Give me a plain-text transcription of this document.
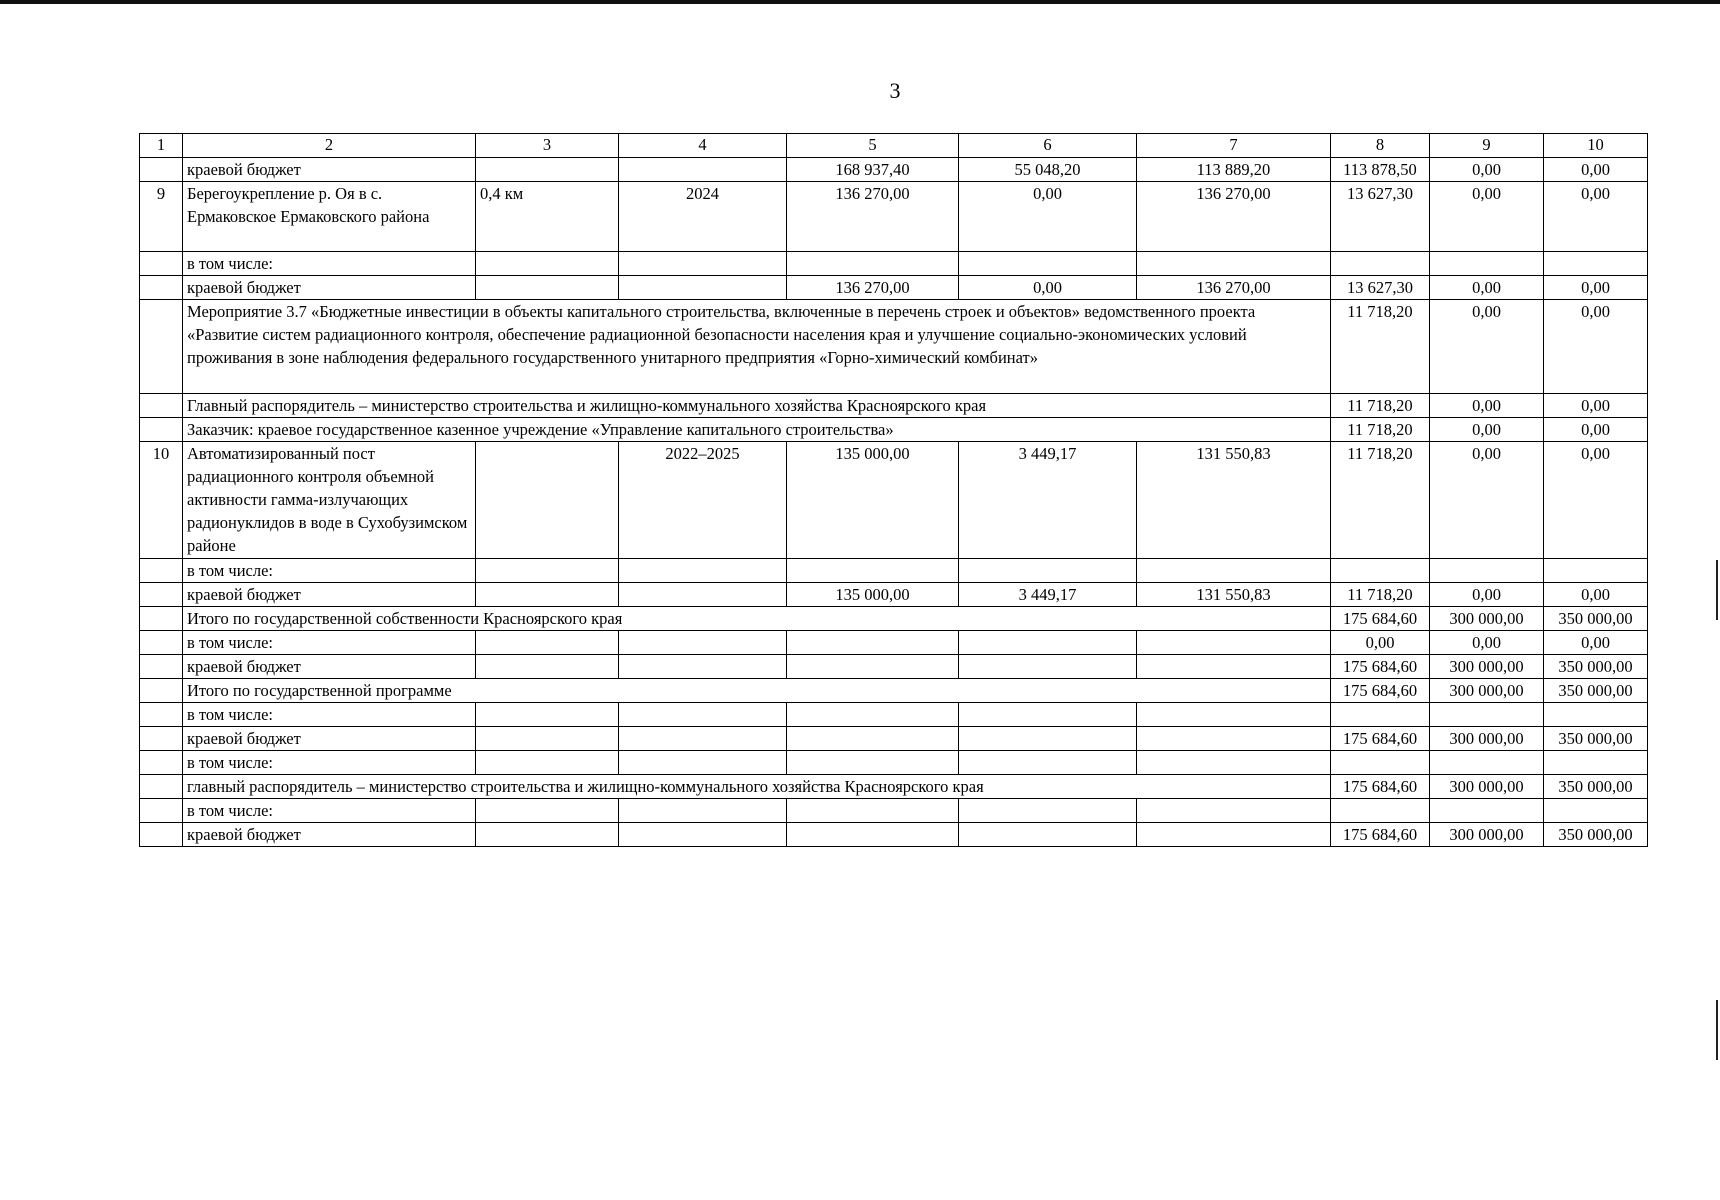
3
1	2	3	4	5	6	7	8	9	10
	краевой бюджет			168 937,40	55 048,20	113 889,20	113 878,50	0,00	0,00
9	Берегоукрепление р. Оя в с. Ермаковское Ермаковского района	0,4 км	2024	136 270,00	0,00	136 270,00	13 627,30	0,00	0,00
	в том числе:								
	краевой бюджет			136 270,00	0,00	136 270,00	13 627,30	0,00	0,00
	Мероприятие 3.7 «Бюджетные инвестиции в объекты капитального строительства, включенные в перечень строек и объектов» ведомственного проекта «Развитие систем радиационного контроля, обеспечение радиационной безопасности населения края и улучшение социально-экономических условий проживания в зоне наблюдения федерального государственного унитарного предприятия «Горно-химический комбинат»						11 718,20	0,00	0,00
	Главный распорядитель – министерство строительства и жилищно-коммунального хозяйства Красноярского края						11 718,20	0,00	0,00
	Заказчик: краевое государственное казенное учреждение «Управление капитального строительства»						11 718,20	0,00	0,00
10	Автоматизированный пост радиационного контроля объемной активности гамма-излучающих радионуклидов в воде в Сухобузимском районе		2022–2025	135 000,00	3 449,17	131 550,83	11 718,20	0,00	0,00
	в том числе:								
	краевой бюджет			135 000,00	3 449,17	131 550,83	11 718,20	0,00	0,00
	Итого по государственной собственности Красноярского края						175 684,60	300 000,00	350 000,00
	в том числе:						0,00	0,00	0,00
	краевой бюджет						175 684,60	300 000,00	350 000,00
	Итого по государственной программе						175 684,60	300 000,00	350 000,00
	в том числе:								
	краевой бюджет						175 684,60	300 000,00	350 000,00
	в том числе:								
	главный распорядитель – министерство строительства и жилищно-коммунального хозяйства Красноярского края						175 684,60	300 000,00	350 000,00
	в том числе:								
	краевой бюджет						175 684,60	300 000,00	350 000,00
